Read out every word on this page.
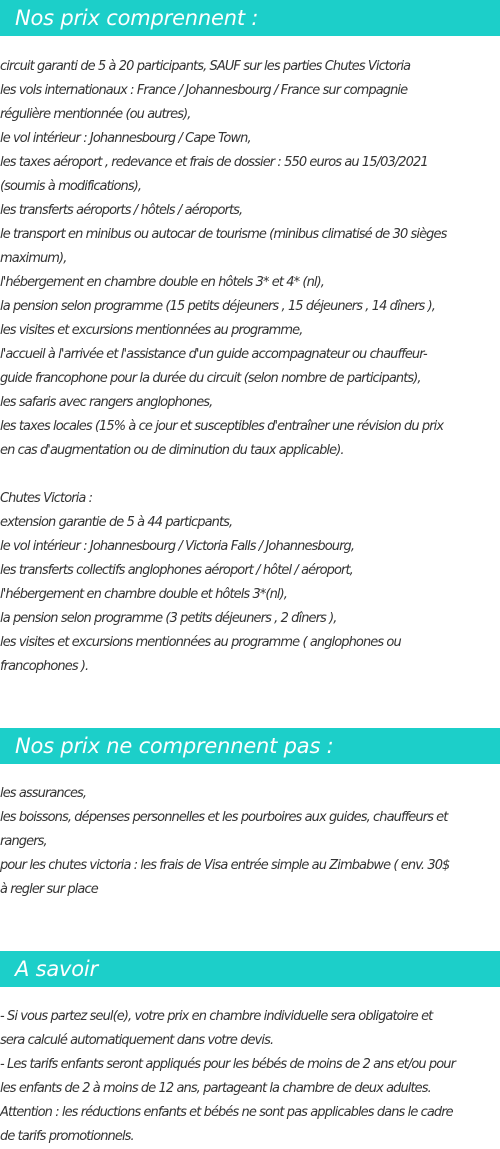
Nos prix comprennent :
circuit garanti de 5 à 20 participants, SAUF sur les parties Chutes Victoria
les vols internationaux : France / Johannesbourg / France sur compagnie
régulière mentionnée (ou autres),
le vol intérieur : Johannesbourg / Cape Town,
les taxes aéroport , redevance et frais de dossier : 550 euros au 15/03/2021
(soumis à modifications),
les transferts aéroports / hôtels / aéroports,
le transport en minibus ou autocar de tourisme (minibus climatisé de 30 sièges
maximum),
l'hébergement en chambre double en hôtels 3* et 4* (nl),
la pension selon programme (15 petits déjeuners , 15 déjeuners , 14 dîners ),
les visites et excursions mentionnées au programme,
l'accueil à l'arrivée et l'assistance d'un guide accompagnateur ou chauffeur-
guide francophone pour la durée du circuit (selon nombre de participants),
les safaris avec rangers anglophones,
les taxes locales (15% à ce jour et susceptibles d'entraîner une révision du prix
en cas d'augmentation ou de diminution du taux applicable).
Chutes Victoria :
extension garantie de 5 à 44 particpants,
le vol intérieur : Johannesbourg / Victoria Falls / Johannesbourg,
les transferts collectifs anglophones aéroport / hôtel / aéroport,
l'hébergement en chambre double et hôtels 3*(nl),
la pension selon programme (3 petits déjeuners , 2 dîners ),
les visites et excursions mentionnées au programme ( anglophones ou
francophones ).
Nos prix ne comprennent pas :
les assurances,
les boissons, dépenses personnelles et les pourboires aux guides, chauffeurs et
rangers,
pour les chutes victoria : les frais de Visa entrée simple au Zimbabwe ( env. 30$
à regler sur place
A savoir
- Si vous partez seul(e), votre prix en chambre individuelle sera obligatoire et
sera calculé automatiquement dans votre devis.
- Les tarifs enfants seront appliqués pour les bébés de moins de 2 ans et/ou pour
les enfants de 2 à moins de 12 ans, partageant la chambre de deux adultes.
Attention : les réductions enfants et bébés ne sont pas applicables dans le cadre
de tarifs promotionnels.
